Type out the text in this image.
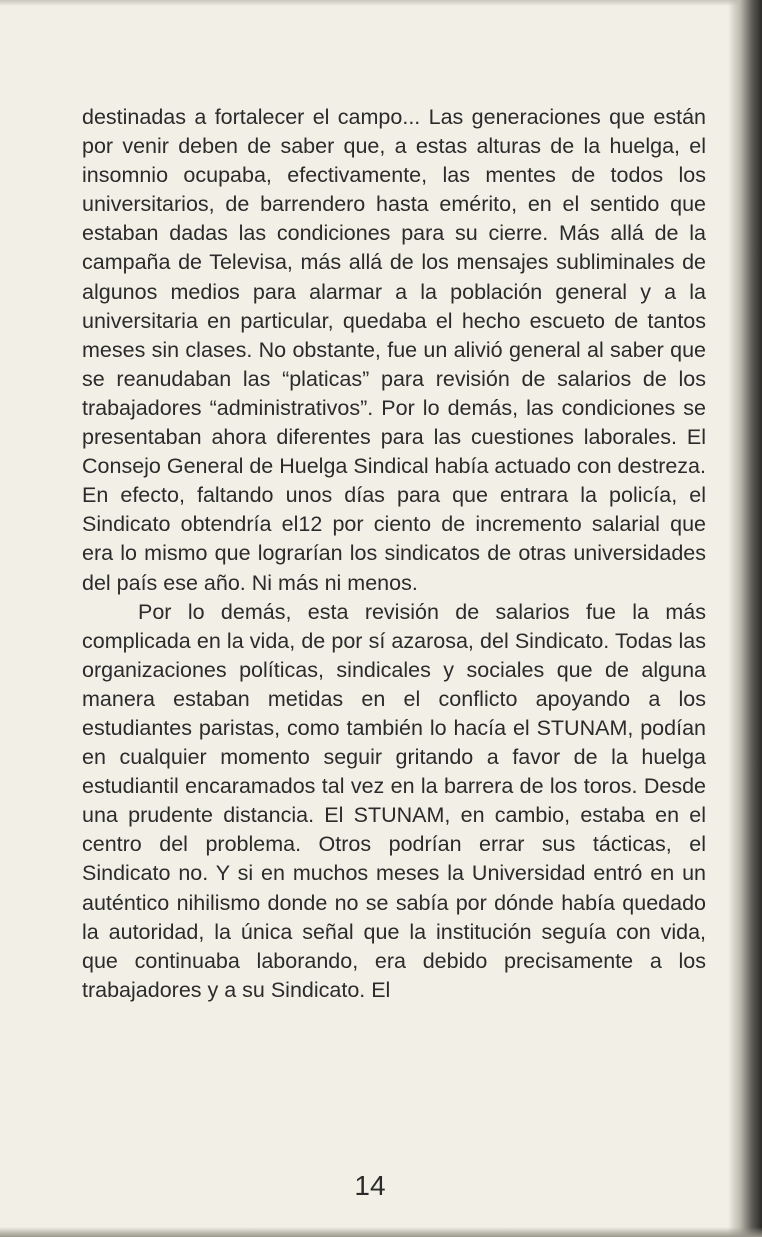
destinadas a fortalecer el campo... Las generaciones que están por venir deben de saber que, a estas alturas de la huelga, el insomnio ocupaba, efectivamente, las mentes de todos los universitarios, de barrendero hasta emérito, en el sentido que estaban dadas las condiciones para su cierre. Más allá de la campaña de Televisa, más allá de los mensajes subliminales de algunos medios para alarmar a la población general y a la universitaria en particular, quedaba el hecho escueto de tantos meses sin clases. No obstante, fue un alivió general al saber que se reanudaban las “platicas” para revisión de salarios de los trabajadores “administrativos”. Por lo demás, las condiciones se presentaban ahora diferentes para las cuestiones laborales. El Consejo General de Huelga Sindical había actuado con destreza. En efecto, faltando unos días para que entrara la policía, el Sindicato obtendría el12 por ciento de incremento salarial que era lo mismo que lograrían los sindicatos de otras universidades del país ese año. Ni más ni menos.

Por lo demás, esta revisión de salarios fue la más complicada en la vida, de por sí azarosa, del Sindicato. Todas las organizaciones políticas, sindicales y sociales que de alguna manera estaban metidas en el conflicto apoyando a los estudiantes paristas, como también lo hacía el STUNAM, podían en cualquier momento seguir gritando a favor de la huelga estudiantil encaramados tal vez en la barrera de los toros. Desde una prudente distancia. El STUNAM, en cambio, estaba en el centro del problema. Otros podrían errar sus tácticas, el Sindicato no. Y si en muchos meses la Universidad entró en un auténtico nihilismo donde no se sabía por dónde había quedado la autoridad, la única señal que la institución seguía con vida, que continuaba laborando, era debido precisamente a los trabajadores y a su Sindicato. El

14
